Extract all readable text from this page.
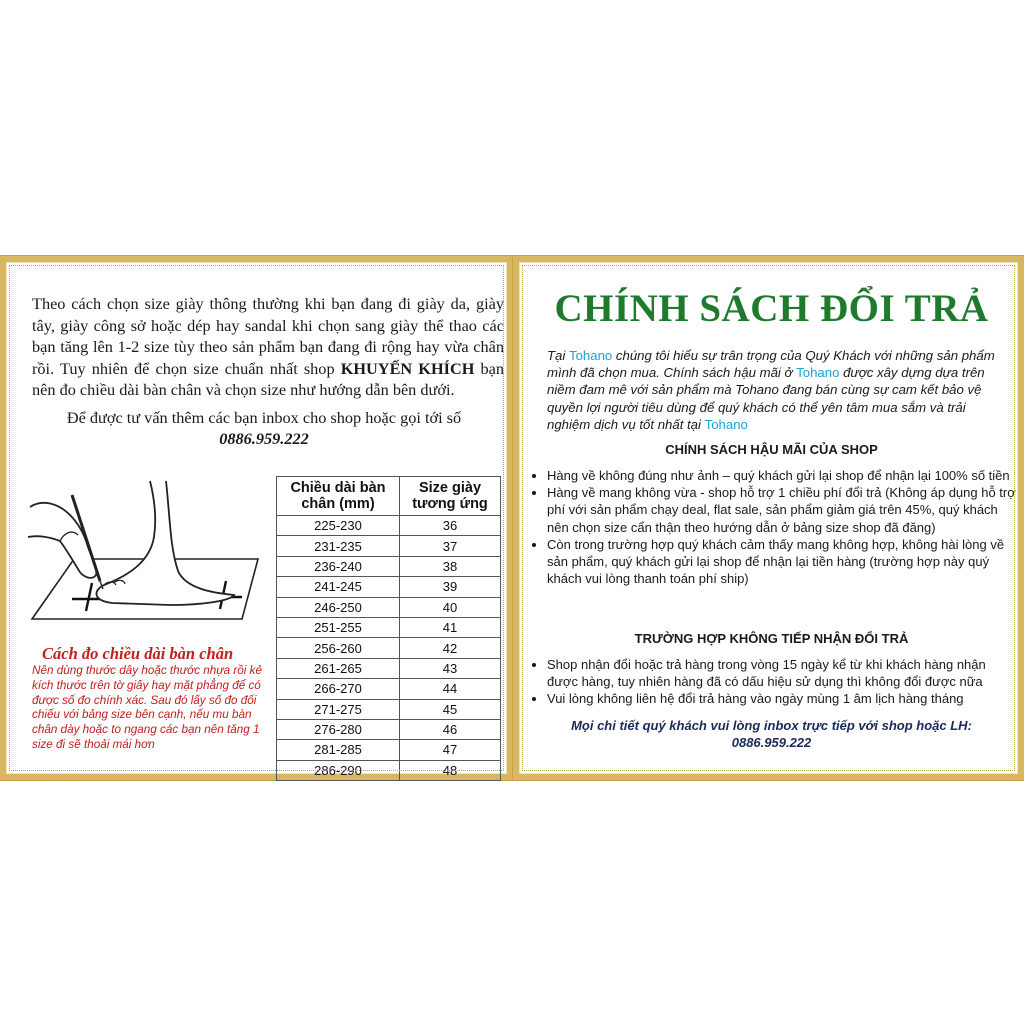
Theo cách chọn size giày thông thường khi bạn đang đi giày da, giày tây, giày công sở hoặc dép hay sandal khi chọn sang giày thể thao các bạn tăng lên 1-2 size tùy theo sản phẩm bạn đang đi rộng hay vừa chân rồi. Tuy nhiên để chọn size chuẩn nhất shop KHUYẾN KHÍCH bạn nên đo chiều dài bàn chân và chọn size như hướng dẫn bên dưới.

Để được tư vấn thêm các bạn inbox cho shop hoặc gọi tới số
0886.959.222
Cách đo chiều dài bàn chân

Nên dùng thước dây hoặc thước nhựa rồi kẻ kích thước trên tờ giấy hay mặt phẳng để có được số đo chính xác. Sau đó lấy số đo đối chiếu với bảng size bên cạnh, nếu mu bàn chân dày hoặc to ngang các bạn nên tăng 1 size đi sẽ thoải mái hơn

Chiều dài bàn chân (mm)	Size giày tương ứng
225-230	36
231-235	37
236-240	38
241-245	39
246-250	40
251-255	41
256-260	42
261-265	43
266-270	44
271-275	45
276-280	46
281-285	47
286-290	48
CHÍNH SÁCH ĐỔI TRẢ

Tại Tohano chúng tôi hiểu sự trân trọng của Quý Khách với những sản phẩm mình đã chọn mua. Chính sách hậu mãi ở Tohano được xây dựng dựa trên niềm đam mê với sản phẩm mà Tohano đang bán cùng sự cam kết bảo vệ quyền lợi người tiêu dùng để quý khách có thể yên tâm mua sắm và trải nghiệm dịch vụ tốt nhất tại Tohano

CHÍNH SÁCH HẬU MÃI CỦA SHOP

• Hàng về không đúng như ảnh – quý khách gửi lại shop để nhận lại 100% số tiền
• Hàng về mang không vừa - shop hỗ trợ 1 chiều phí đổi trả (Không áp dụng hỗ trợ phí với sản phẩm chạy deal, flat sale, sản phẩm giảm giá trên 45%, quý khách nên chọn size cẩn thận theo hướng dẫn ở bảng size shop đã đăng)
• Còn trong trường hợp quý khách cảm thấy mang không hợp, không hài lòng về sản phẩm, quý khách gửi lại shop để nhận lại tiền hàng (trường hợp này quý khách vui lòng thanh toán phí ship)

TRƯỜNG HỢP KHÔNG TIẾP NHẬN ĐỔI TRẢ

• Shop nhận đổi hoặc trả hàng trong vòng 15 ngày kể từ khi khách hàng nhận được hàng, tuy nhiên hàng đã có dấu hiệu sử dụng thì không đổi được nữa
• Vui lòng không liên hệ đổi trả hàng vào ngày mùng 1 âm lịch hàng tháng

Mọi chi tiết quý khách vui lòng inbox trực tiếp với shop hoặc LH:
0886.959.222
